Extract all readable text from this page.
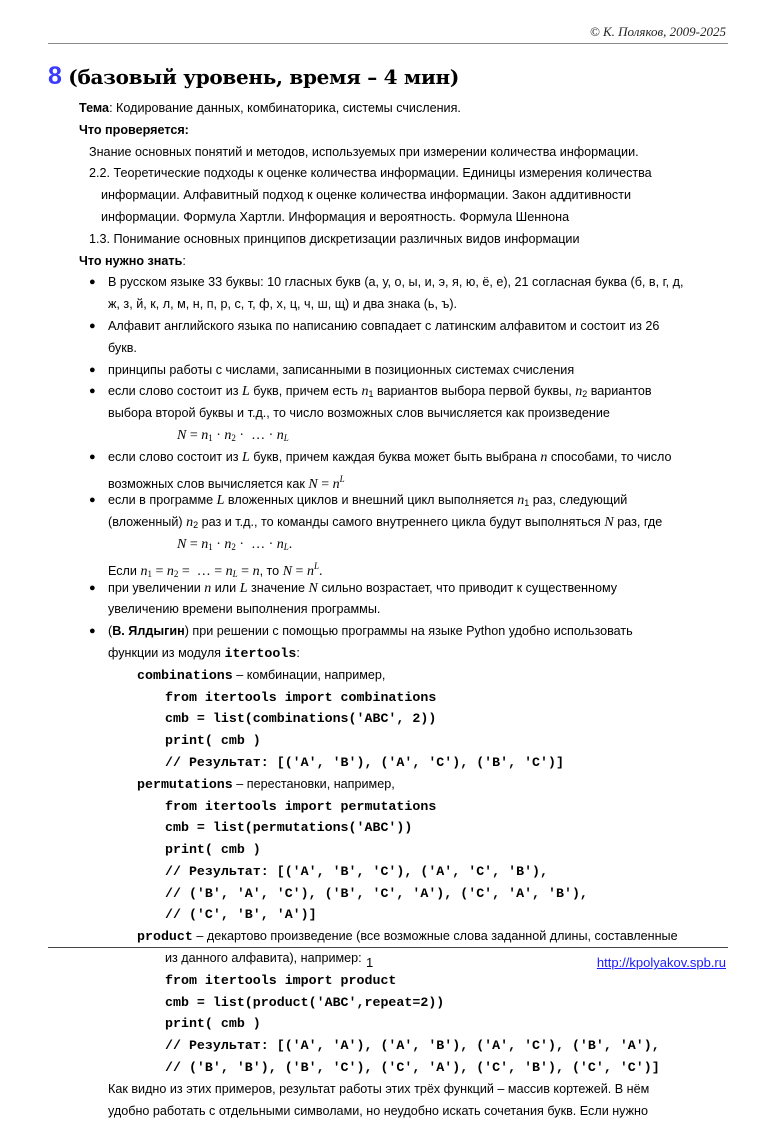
© К. Поляков, 2009-2025
8 (базовый уровень, время – 4 мин)
Тема: Кодирование данных, комбинаторика, системы счисления.
Что проверяется:
Знание основных понятий и методов, используемых при измерении количества информации.
2.2. Теоретические подходы к оценке количества информации. Единицы измерения количества
информации. Алфавитный подход к оценке количества информации. Закон аддитивности
информации. Формула Хартли. Информация и вероятность. Формула Шеннона
1.3. Понимание основных принципов дискретизации различных видов информации
Что нужно знать:
● В русском языке 33 буквы: 10 гласных букв (а, у, о, ы, и, э, я, ю, ё, е), 21 согласная буква (б, в, г, д,
ж, з, й, к, л, м, н, п, р, с, т, ф, х, ц, ч, ш, щ) и два знака (ь, ъ).
● Алфавит английского языка по написанию совпадает с латинским алфавитом и состоит из 26
букв.
● принципы работы с числами, записанными в позиционных системах счисления
● если слово состоит из L букв, причем есть $n_1$ вариантов выбора первой буквы, $n_2$ вариантов
выбора второй буквы и т.д., то число возможных слов вычисляется как произведение
$N = n_1 \cdot n_2$ ·  … · $n_L$
● если слово состоит из L букв, причем каждая буква может быть выбрана n способами, то число
возможных слов вычисляется как $N = n^L$
● если в программе L вложенных циклов и внешний цикл выполняется $n_1$ раз, следующий
(вложенный) $n_2$ раз и т.д., то команды самого внутреннего цикла будут выполняться N раз, где
$N = n_1 \cdot n_2$ ·  … · $n_L$.
Если $n_1 = n_2$ =  … = $n_L = n$, то $N = n^L$.
● при увеличении n или L значение N сильно возрастает, что приводит к существенному
увеличению времени выполнения программы.
● (В. Ялдыгин) при решении с помощью программы на языке Python удобно использовать
функции из модуля itertools:
combinations – комбинации, например,
from itertools import combinations
cmb = list(combinations('ABC', 2))
print( cmb )
// Результат: [('A', 'B'), ('A', 'C'), ('B', 'C')]
permutations – перестановки, например,
from itertools import permutations
cmb = list(permutations('ABC'))
print( cmb )
// Результат: [('A', 'B', 'C'), ('A', 'C', 'B'),
// ('B', 'A', 'C'), ('B', 'C', 'A'), ('C', 'A', 'B'),
// ('C', 'B', 'A')]
product – декартово произведение (все возможные слова заданной длины, составленные
из данного алфавита), например:
from itertools import product
cmb = list(product('ABC',repeat=2))
print( cmb )
// Результат: [('A', 'A'), ('A', 'B'), ('A', 'C'), ('B', 'A'),
// ('B', 'B'), ('B', 'C'), ('C', 'A'), ('C', 'B'), ('C', 'C')]
Как видно из этих примеров, результат работы этих трёх функций – массив кортежей. В нём
удобно работать с отдельными символами, но неудобно искать сочетания букв. Если нужно
1	http://kpolyakov.spb.ru
